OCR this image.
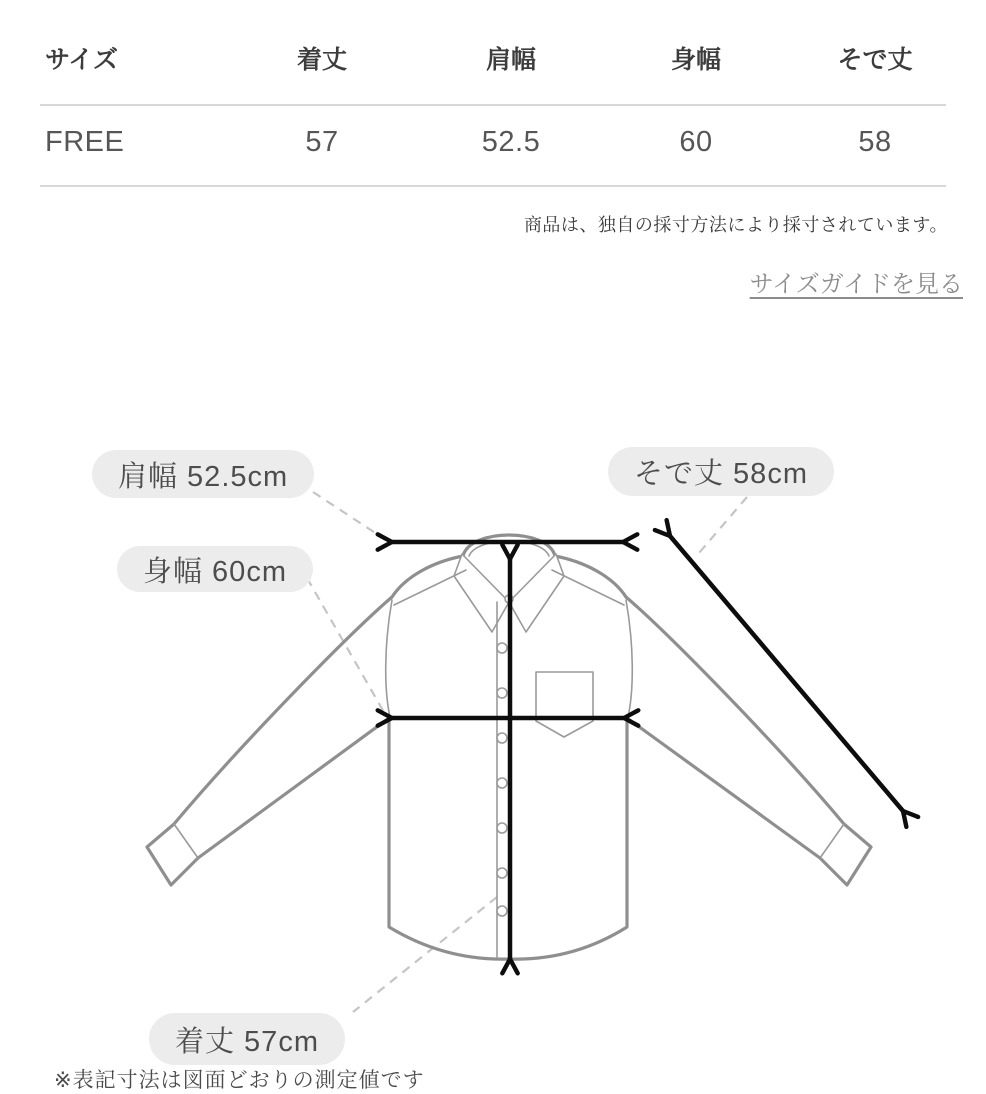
サイズ	着丈	肩幅	身幅	そで丈
FREE	57	52.5	60	58
商品は、独自の採寸方法により採寸されています。
サイズガイドを見る
肩幅 52.5cm	そで丈 58cm
身幅 60cm
着丈 57cm
※表記寸法は図面どおりの測定値です
